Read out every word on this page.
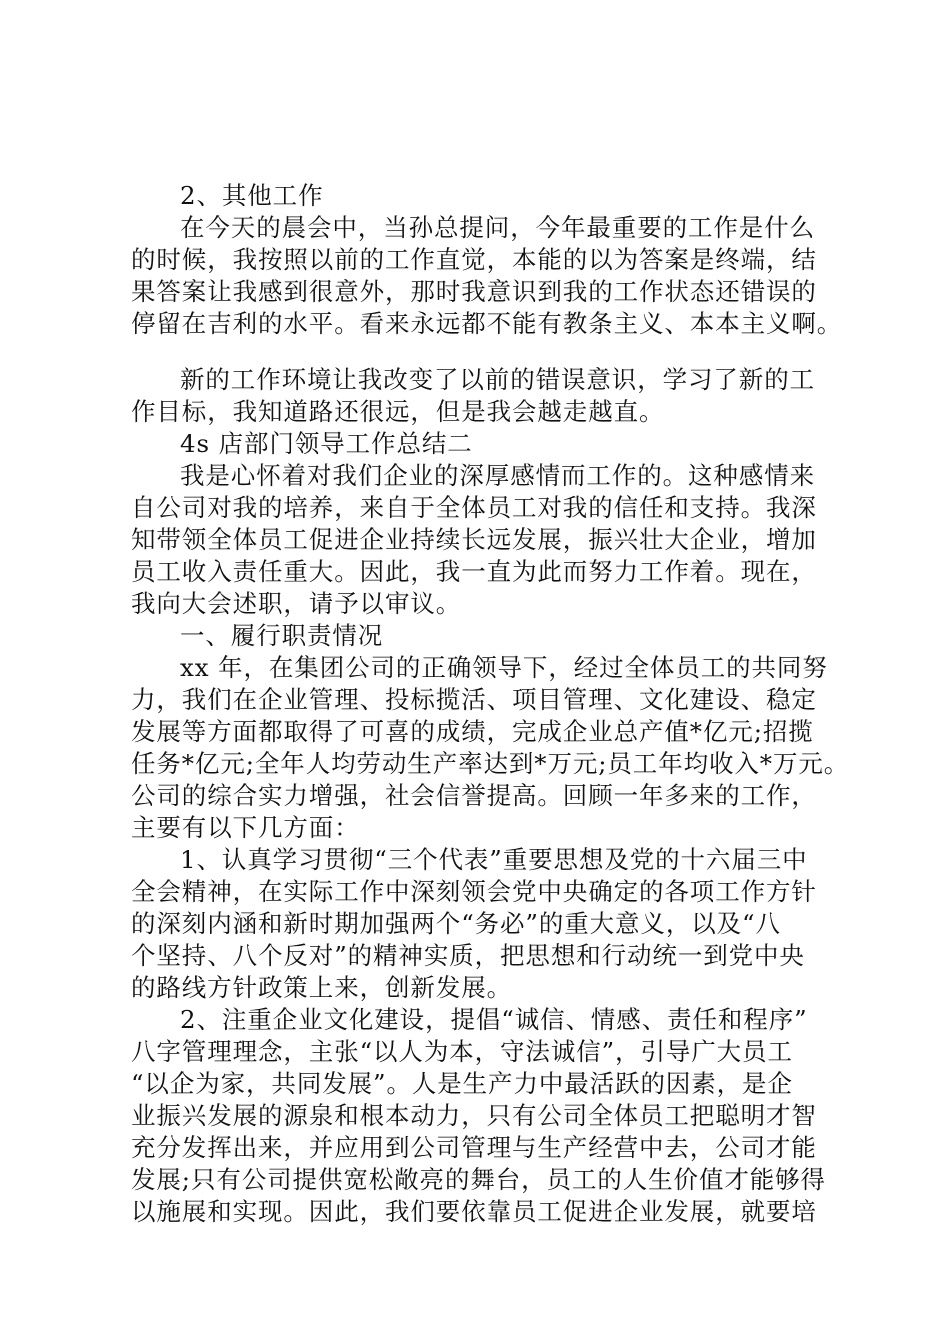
2、其他工作
在今天的晨会中，当孙总提问，今年最重要的工作是什么
的时候，我按照以前的工作直觉，本能的以为答案是终端，结
果答案让我感到很意外，那时我意识到我的工作状态还错误的
停留在吉利的水平。看来永远都不能有教条主义、本本主义啊。
新的工作环境让我改变了以前的错误意识，学习了新的工
作目标，我知道路还很远，但是我会越走越直。
4s 店部门领导工作总结二
我是心怀着对我们企业的深厚感情而工作的。这种感情来
自公司对我的培养，来自于全体员工对我的信任和支持。我深
知带领全体员工促进企业持续长远发展，振兴壮大企业，增加
员工收入责任重大。因此，我一直为此而努力工作着。现在，
我向大会述职，请予以审议。
一、履行职责情况
xx 年，在集团公司的正确领导下，经过全体员工的共同努
力，我们在企业管理、投标揽活、项目管理、文化建设、稳定
发展等方面都取得了可喜的成绩，完成企业总产值*亿元;招揽
任务*亿元;全年人均劳动生产率达到*万元;员工年均收入*万元。
公司的综合实力增强，社会信誉提高。回顾一年多来的工作，
主要有以下几方面：
1、认真学习贯彻“三个代表”重要思想及党的十六届三中
全会精神，在实际工作中深刻领会党中央确定的各项工作方针
的深刻内涵和新时期加强两个“务必”的重大意义，以及“八
个坚持、八个反对”的精神实质，把思想和行动统一到党中央
的路线方针政策上来，创新发展。
2、注重企业文化建设，提倡“诚信、情感、责任和程序”
八字管理理念，主张“以人为本，守法诚信”，引导广大员工
“以企为家，共同发展”。人是生产力中最活跃的因素，是企
业振兴发展的源泉和根本动力，只有公司全体员工把聪明才智
充分发挥出来，并应用到公司管理与生产经营中去，公司才能
发展;只有公司提供宽松敞亮的舞台，员工的人生价值才能够得
以施展和实现。因此，我们要依靠员工促进企业发展，就要培
